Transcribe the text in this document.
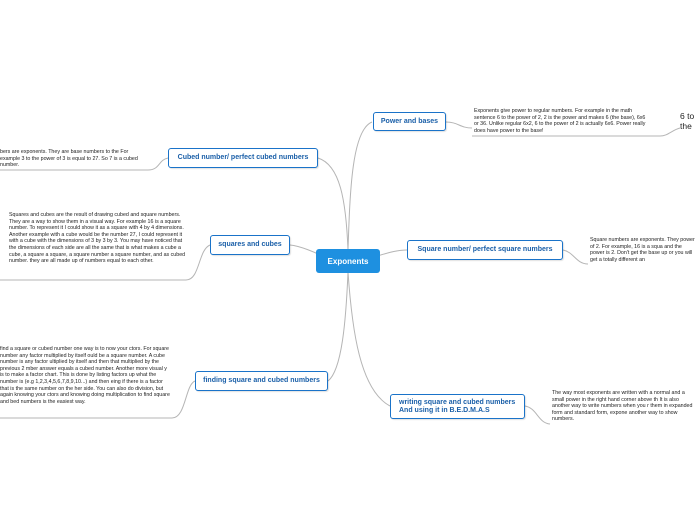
Exponents
Power and bases
Square number/ perfect square numbers
writing square and cubed numbers And using it in B.E.D.M.A.S
Cubed number/ perfect cubed numbers
squares and cubes
finding square and cubed numbers

Exponents give power to regular numbers. For example in the math sentence 6 to the power of 2, 2 is the power and makes 6 (the base), 6x6 or 36. Unlike regular 6x2, 6 to the power of 2 is actually 6x6. Power really does have power to the base!

6 to
the

Square numbers are exponents. They power of 2. For example, 16 is a squa and the power is 2. Don't get the base up or you will get a totally different an

The way most exponents are written with a normal and a small power in the right hand corner above th It is also another way to write numbers when you r them in expanded form and standard form, expone another way to show numbers.

bers are exponents. They are base numbers to the For example 3 to the power of 3 is equal to 27. So 7 is a cubed number.

Squares and cubes are the result of drawing cubed and square numbers. They are a way to show them in a visual way. For example 16 is a square number. To represent it I could show it as a square with 4 by 4 dimensions. Another example with a cube would be the number 27, I could represent it with a cube with the dimensions of 3 by 3 by 3. You may have noticed that the dimensions of each side are all the same that is what makes a cube a cube, a square a square, a square number a square number, and as cubed number. they are all made up of numbers equal to each other.

find a square or cubed number one way is to now your ctors. For square number any factor multiplied by itself ould be a square number. A cube number is any factor ultiplied by itself and then that multiplied by the previous 2 mber answer equals a cubed number. Another more visual y is to make a factor chart. This is done by listing factors up what the number is (e.g 1,2,3,4,5,6,7,8,9,10...) and then eing if there is a factor that is the same number on the her side. You can also do division, but again knowing your ctors and knowing doing multiplication to find square and bed numbers is the easiest way.
